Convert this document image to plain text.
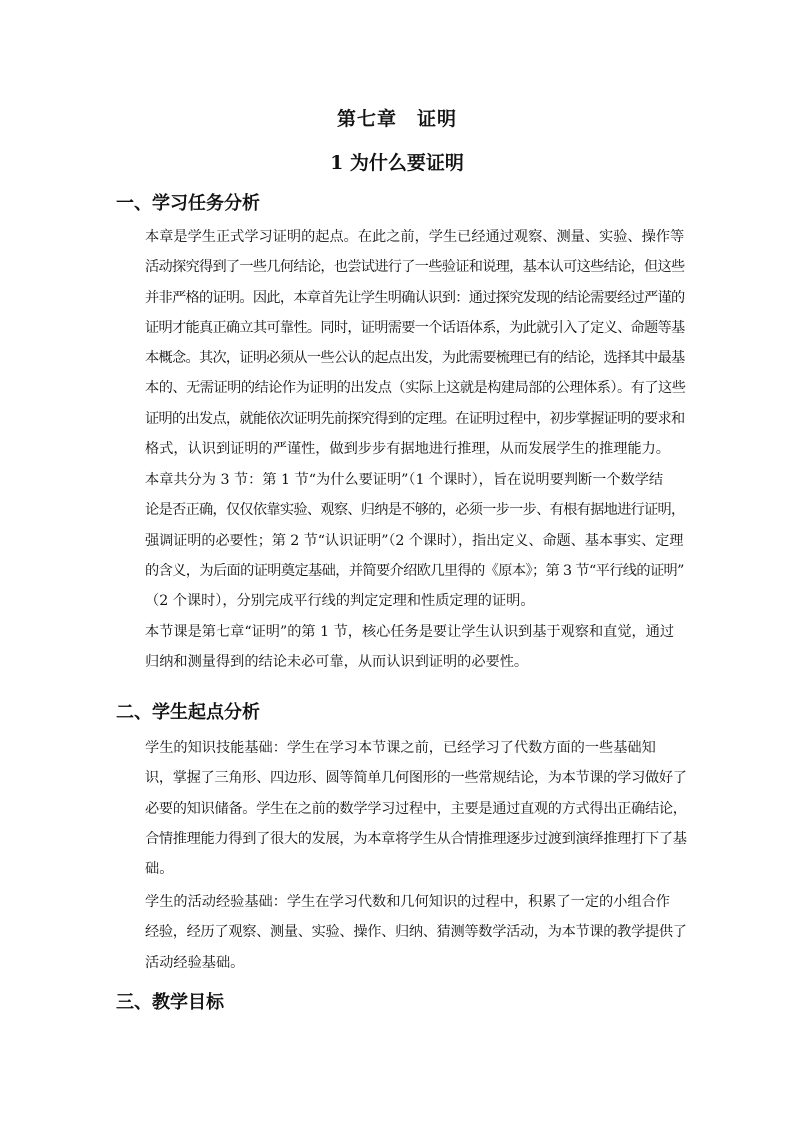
第七章　证明
1 为什么要证明
一、学习任务分析
本章是学生正式学习证明的起点。在此之前，学生已经通过观察、测量、实验、操作等
活动探究得到了一些几何结论，也尝试进行了一些验证和说理，基本认可这些结论，但这些
并非严格的证明。因此，本章首先让学生明确认识到：通过探究发现的结论需要经过严谨的
证明才能真正确立其可靠性。同时，证明需要一个话语体系，为此就引入了定义、命题等基
本概念。其次，证明必须从一些公认的起点出发，为此需要梳理已有的结论，选择其中最基
本的、无需证明的结论作为证明的出发点（实际上这就是构建局部的公理体系）。有了这些
证明的出发点，就能依次证明先前探究得到的定理。在证明过程中，初步掌握证明的要求和
格式，认识到证明的严谨性，做到步步有据地进行推理，从而发展学生的推理能力。
本章共分为 3 节：第 1 节“为什么要证明”（1 个课时），旨在说明要判断一个数学结
论是否正确，仅仅依靠实验、观察、归纳是不够的，必须一步一步、有根有据地进行证明，
强调证明的必要性；第 2 节“认识证明”（2 个课时），指出定义、命题、基本事实、定理
的含义，为后面的证明奠定基础，并简要介绍欧几里得的《原本》；第 3 节“平行线的证明”
（2 个课时），分别完成平行线的判定定理和性质定理的证明。
本节课是第七章“证明”的第 1 节，核心任务是要让学生认识到基于观察和直觉，通过
归纳和测量得到的结论未必可靠，从而认识到证明的必要性。
二、学生起点分析
学生的知识技能基础：学生在学习本节课之前，已经学习了代数方面的一些基础知
识，掌握了三角形、四边形、圆等简单几何图形的一些常规结论，为本节课的学习做好了
必要的知识储备。学生在之前的数学学习过程中，主要是通过直观的方式得出正确结论，
合情推理能力得到了很大的发展，为本章将学生从合情推理逐步过渡到演绎推理打下了基
础。
学生的活动经验基础：学生在学习代数和几何知识的过程中，积累了一定的小组合作
经验，经历了观察、测量、实验、操作、归纳、猜测等数学活动，为本节课的教学提供了
活动经验基础。
三、教学目标
